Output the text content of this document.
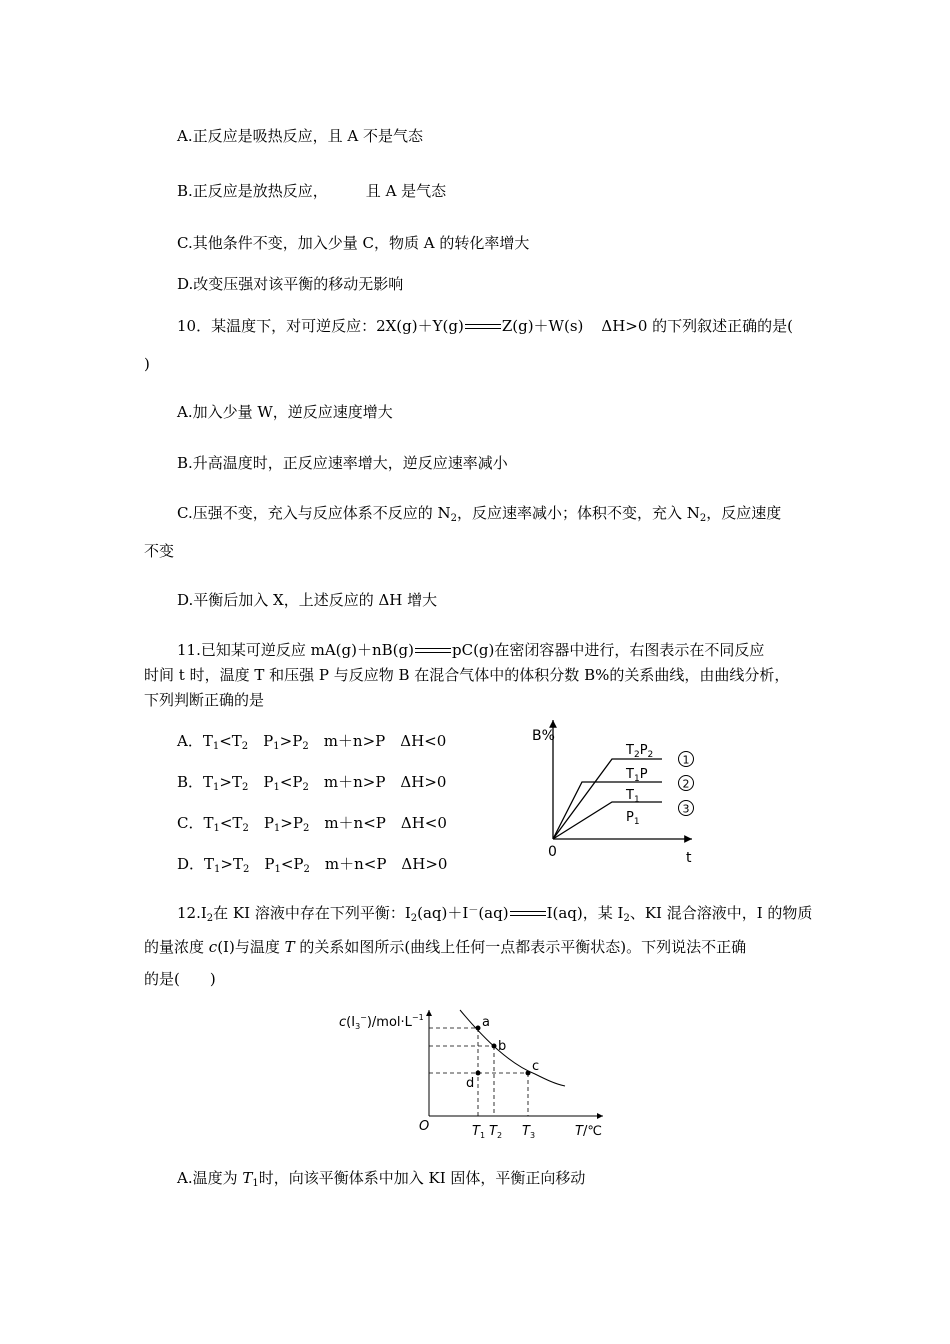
A.正反应是吸热反应，且 A 不是气态
B.正反应是放热反应，	且 A 是气态
C.其他条件不变，加入少量 C，物质 A 的转化率增大
D.改变压强对该平衡的移动无影响
10．某温度下，对可逆反应：2X(g)＋Y(g)	Z(g)＋W(s) ΔH>0 的下列叙述正确的是(
)
A.加入少量 W，逆反应速度增大
B.升高温度时，正反应速率增大，逆反应速率减小
C.压强不变，充入与反应体系不反应的 $N_2$，反应速率减小；体积不变，充入 $N_2$，反应速度
不变
D.平衡后加入 X，上述反应的 ΔH 增大
11.已知某可逆反应 mA(g)＋nB(g)	pC(g)在密闭容器中进行，右图表示在不同反应
时间 t 时，温度 T 和压强 P 与反应物 B 在混合气体中的体积分数 B%的关系曲线，由曲线分析，
下列判断正确的是
A．$T_1<T_2$　$P_1>P_2$　m＋n>P　ΔH<0
B．$T_1>T_2$　$P_1<P_2$　m＋n>P　ΔH>0
C．$T_1<T_2$　$P_1>P_2$　m＋n<P　ΔH<0
D．$T_1>T_2$　$P_1<P_2$　m＋n<P　ΔH>0
B%
t
0
$T_2P_2$
$T_1P$
$T_1$
$P_1$
1
2
3
$12.I_2$在 KI 溶液中存在下列平衡：$I_2(aq)+I^-(aq)$	I(aq)，某 $I_2$、KI 混合溶液中，I 的物质
的量浓度 c(I)与温度 T 的关系如图所示(曲线上任何一点都表示平衡状态)。下列说法不正确
的是(　　)
$c(I_3^-)/mol\cdot L^{-1}$
T/℃
O
a
b
c
d
$T_1$ $T_2$ $T_3$
A.温度为 $T_1$时，向该平衡体系中加入 KI 固体，平衡正向移动
